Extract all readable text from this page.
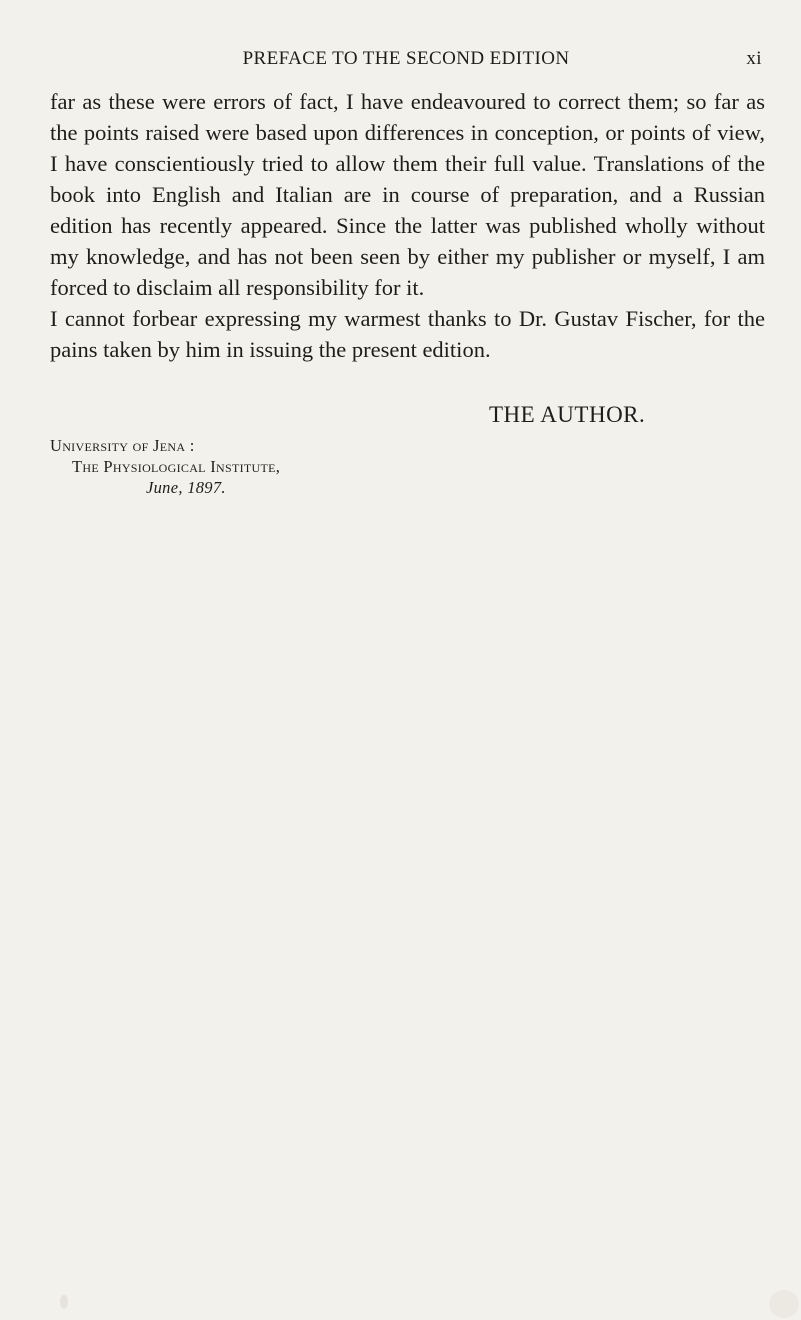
PREFACE TO THE SECOND EDITION	xi

far as these were errors of fact, I have endeavoured to correct them; so far as the points raised were based upon differences in conception, or points of view, I have conscientiously tried to allow them their full value. Translations of the book into English and Italian are in course of preparation, and a Russian edition has recently appeared. Since the latter was published wholly without my knowledge, and has not been seen by either my publisher or myself, I am forced to disclaim all responsibility for it.

I cannot forbear expressing my warmest thanks to Dr. Gustav Fischer, for the pains taken by him in issuing the present edition.

THE AUTHOR.
University of Jena :
The Physiological Institute,
June, 1897.
